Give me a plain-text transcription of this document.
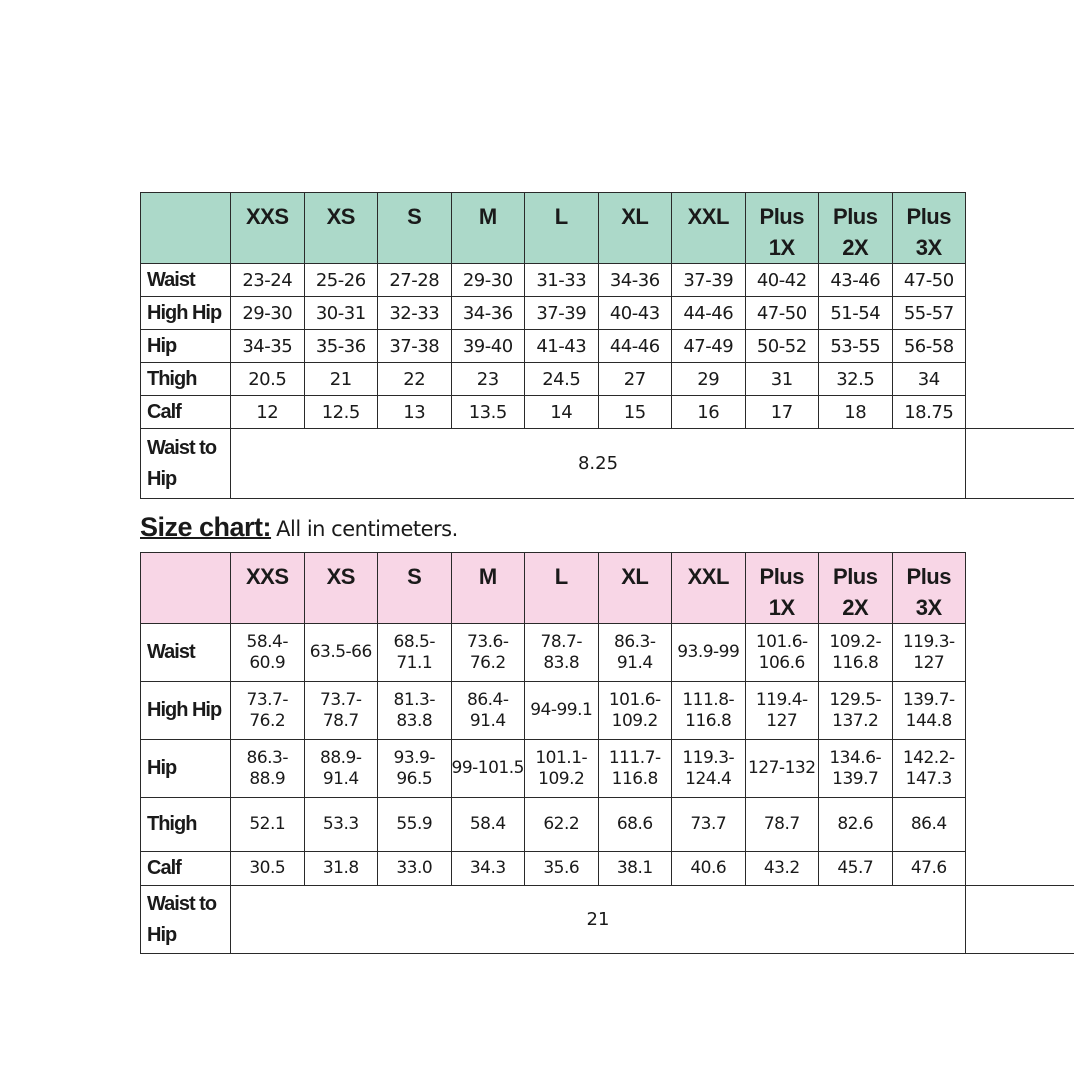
	XXS	XS	S	M	L	XL	XXL	Plus 1X	Plus 2X	Plus 3X	
Waist	23-24	25-26	27-28	29-30	31-33	34-36	37-39	40-42	43-46	47-50	
High Hip	29-30	30-31	32-33	34-36	37-39	40-43	44-46	47-50	51-54	55-57	
Hip	34-35	35-36	37-38	39-40	41-43	44-46	47-49	50-52	53-55	56-58	
Thigh	20.5	21	22	23	24.5	27	29	31	32.5	34	
Calf	12	12.5	13	13.5	14	15	16	17	18	18.75	
Waist to Hip	8.25										
Size chart: All in centimeters.
	XXS	XS	S	M	L	XL	XXL	Plus 1X	Plus 2X	Plus 3X	
Waist	58.4-60.9	63.5-66	68.5-71.1	73.6-76.2	78.7-83.8	86.3-91.4	93.9-99	101.6-106.6	109.2-116.8	119.3-127	
High Hip	73.7-76.2	73.7-78.7	81.3-83.8	86.4-91.4	94-99.1	101.6-109.2	111.8-116.8	119.4-127	129.5-137.2	139.7-144.8	
Hip	86.3-88.9	88.9-91.4	93.9-96.5	99-101.5	101.1-109.2	111.7-116.8	119.3-124.4	127-132	134.6-139.7	142.2-147.3	
Thigh	52.1	53.3	55.9	58.4	62.2	68.6	73.7	78.7	82.6	86.4	
Calf	30.5	31.8	33.0	34.3	35.6	38.1	40.6	43.2	45.7	47.6	
Waist to Hip	21										
